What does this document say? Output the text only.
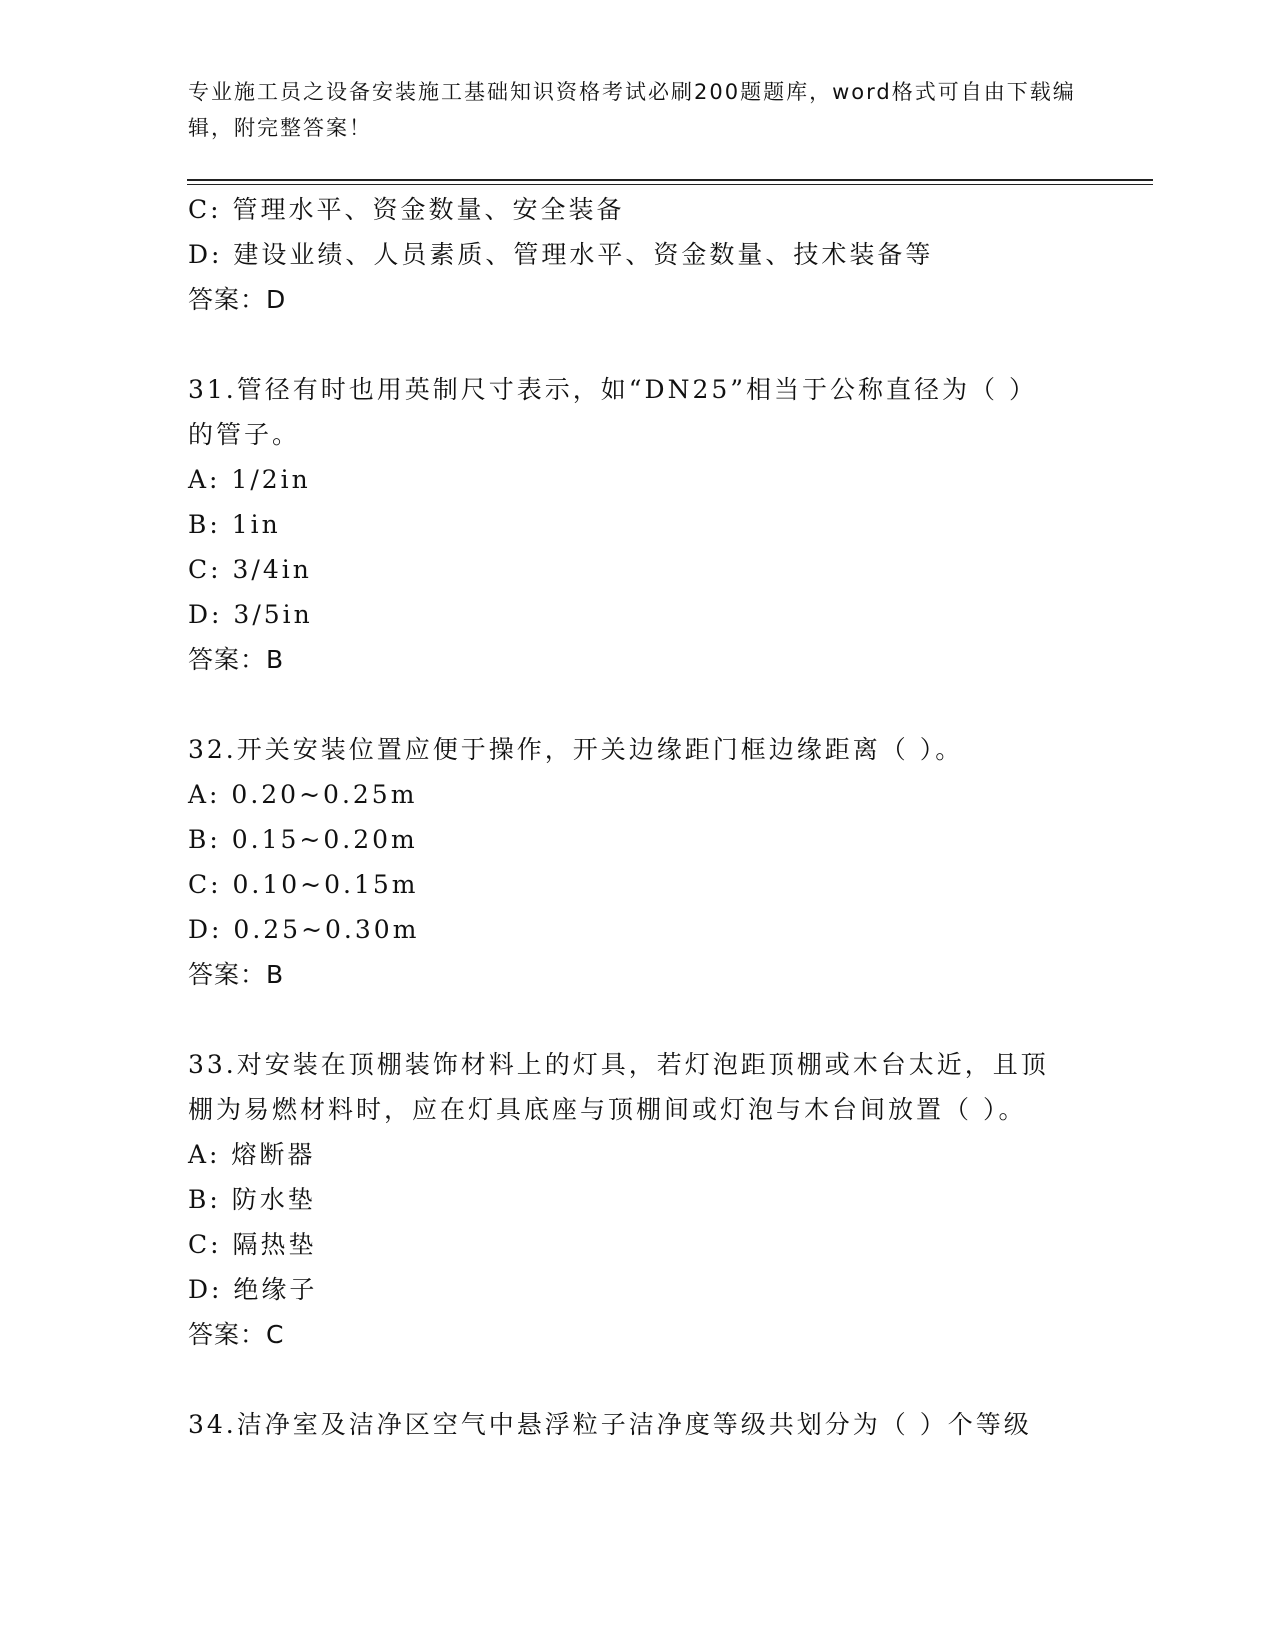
专业施工员之设备安装施工基础知识资格考试必刷200题题库，word格式可自由下载编辑，附完整答案！
C: 管理水平、资金数量、安全装备
D: 建设业绩、人员素质、管理水平、资金数量、技术装备等
答案：D
31.管径有时也用英制尺寸表示，如“DN25”相当于公称直径为（ ）
的管子。
A: 1/2in
B: 1in
C: 3/4in
D: 3/5in
答案：B
32.开关安装位置应便于操作，开关边缘距门框边缘距离（ ）。
A: 0.20~0.25m
B: 0.15~0.20m
C: 0.10~0.15m
D: 0.25~0.30m
答案：B
33.对安装在顶棚装饰材料上的灯具，若灯泡距顶棚或木台太近，且顶
棚为易燃材料时，应在灯具底座与顶棚间或灯泡与木台间放置（ ）。
A: 熔断器
B: 防水垫
C: 隔热垫
D: 绝缘子
答案：C
34.洁净室及洁净区空气中悬浮粒子洁净度等级共划分为（ ）个等级
